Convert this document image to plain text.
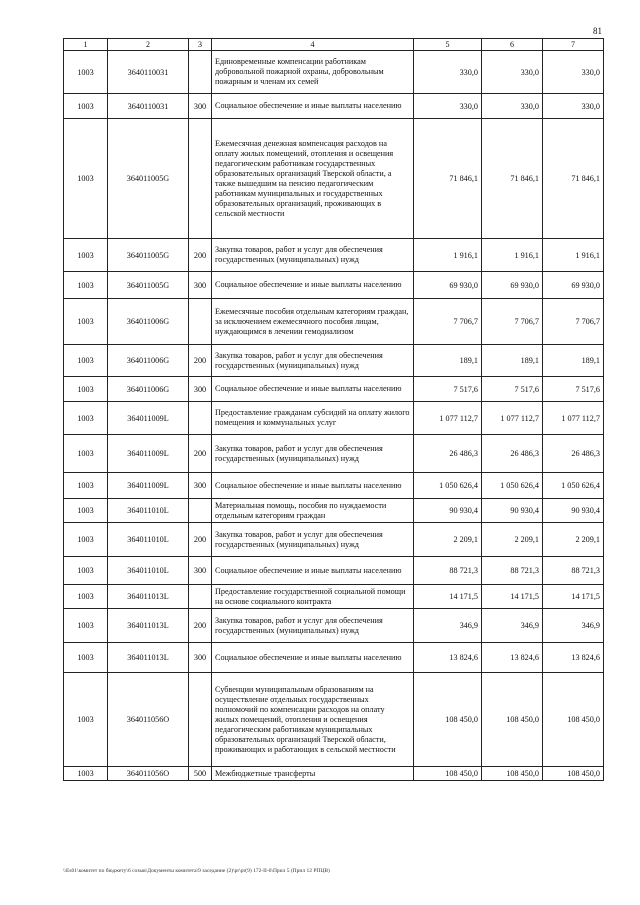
81
1	2	3	4	5	6	7
1003	3640110031		Единовременные компенсации работникам добровольной пожарной охраны, добровольным пожарным и членам их семей	330,0	330,0	330,0
1003	3640110031	300	Социальное обеспечение и иные выплаты населению	330,0	330,0	330,0
1003	364011005G		Ежемесячная денежная компенсация расходов на оплату жилых помещений, отопления и освещения педагогическим работникам государственных образовательных организаций Тверской области, а также вышедшим на пенсию педагогическим работникам муниципальных и государственных образовательных организаций, проживающих в сельской местности	71 846,1	71 846,1	71 846,1
1003	364011005G	200	Закупка товаров, работ и услуг для обеспечения государственных (муниципальных) нужд	1 916,1	1 916,1	1 916,1
1003	364011005G	300	Социальное обеспечение и иные выплаты населению	69 930,0	69 930,0	69 930,0
1003	364011006G		Ежемесячные пособия отдельным категориям граждан, за исключением ежемесячного пособия лицам, нуждающимся в лечении гемодиализом	7 706,7	7 706,7	7 706,7
1003	364011006G	200	Закупка товаров, работ и услуг для обеспечения государственных (муниципальных) нужд	189,1	189,1	189,1
1003	364011006G	300	Социальное обеспечение и иные выплаты населению	7 517,6	7 517,6	7 517,6
1003	364011009L		Предоставление гражданам субсидий на оплату жилого помещения и коммунальных услуг	1 077 112,7	1 077 112,7	1 077 112,7
1003	364011009L	200	Закупка товаров, работ и услуг для обеспечения государственных (муниципальных) нужд	26 486,3	26 486,3	26 486,3
1003	364011009L	300	Социальное обеспечение и иные выплаты населению	1 050 626,4	1 050 626,4	1 050 626,4
1003	364011010L		Материальная помощь, пособия по нуждаемости отдельным категориям граждан	90 930,4	90 930,4	90 930,4
1003	364011010L	200	Закупка товаров, работ и услуг для обеспечения государственных (муниципальных) нужд	2 209,1	2 209,1	2 209,1
1003	364011010L	300	Социальное обеспечение и иные выплаты населению	88 721,3	88 721,3	88 721,3
1003	364011013L		Предоставление государственной социальной помощи на основе социального контракта	14 171,5	14 171,5	14 171,5
1003	364011013L	200	Закупка товаров, работ и услуг для обеспечения государственных (муниципальных) нужд	346,9	346,9	346,9
1003	364011013L	300	Социальное обеспечение и иные выплаты населению	13 824,6	13 824,6	13 824,6
1003	364011056O		Субвенции муниципальным образованиям на осуществление отдельных государственных полномочий по компенсации расходов на оплату жилых помещений, отопления и освещения педагогическим работникам муниципальных образовательных организаций Тверской области, проживающих и работающих в сельской местности	108 450,0	108 450,0	108 450,0
1003	364011056O	500	Межбюджетные трансферты	108 450,0	108 450,0	108 450,0
\\Es01\комитет по бюджету\6 созыв\Документы комитета\9 заседание (2)\pr\pr(9) 172-II-6\Прил 5 (Прил 12 РПЦВ)
